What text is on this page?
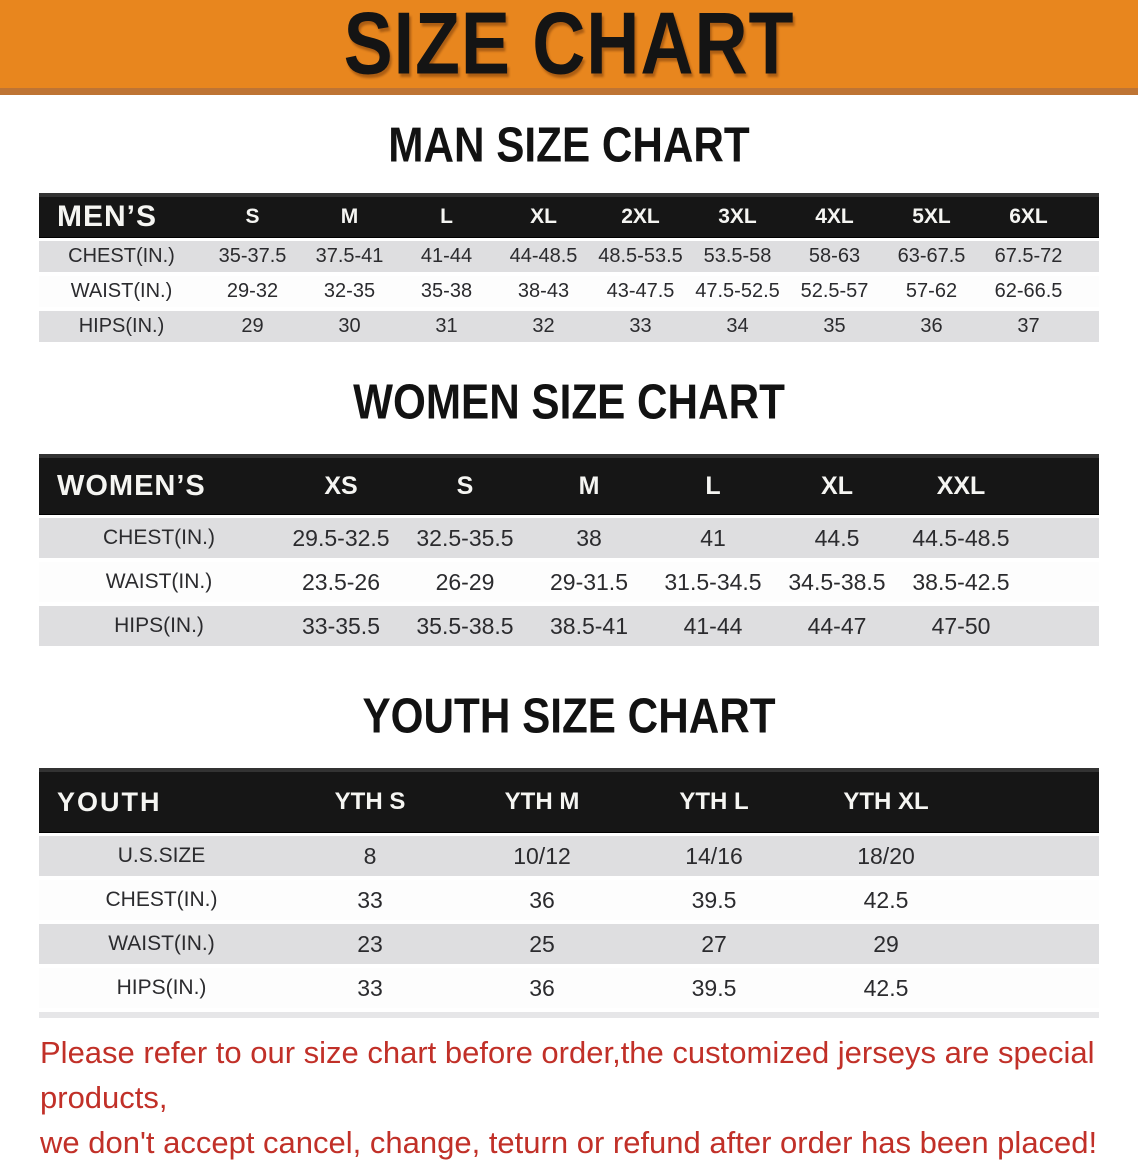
SIZE CHART
MAN SIZE CHART
MEN’S	S	M	L	XL	2XL	3XL	4XL	5XL	6XL
CHEST(IN.)	35-37.5	37.5-41	41-44	44-48.5	48.5-53.5	53.5-58	58-63	63-67.5	67.5-72
WAIST(IN.)	29-32	32-35	35-38	38-43	43-47.5	47.5-52.5	52.5-57	57-62	62-66.5
HIPS(IN.)	29	30	31	32	33	34	35	36	37
WOMEN SIZE CHART
WOMEN’S	XS	S	M	L	XL	XXL
CHEST(IN.)	29.5-32.5	32.5-35.5	38	41	44.5	44.5-48.5
WAIST(IN.)	23.5-26	26-29	29-31.5	31.5-34.5	34.5-38.5	38.5-42.5
HIPS(IN.)	33-35.5	35.5-38.5	38.5-41	41-44	44-47	47-50
YOUTH SIZE CHART
YOUTH	YTH S	YTH M	YTH L	YTH XL
U.S.SIZE	8	10/12	14/16	18/20
CHEST(IN.)	33	36	39.5	42.5
WAIST(IN.)	23	25	27	29
HIPS(IN.)	33	36	39.5	42.5

Please refer to our size chart before order,the customized jerseys are special products,
we don't accept cancel, change, teturn or refund after order has been placed!
